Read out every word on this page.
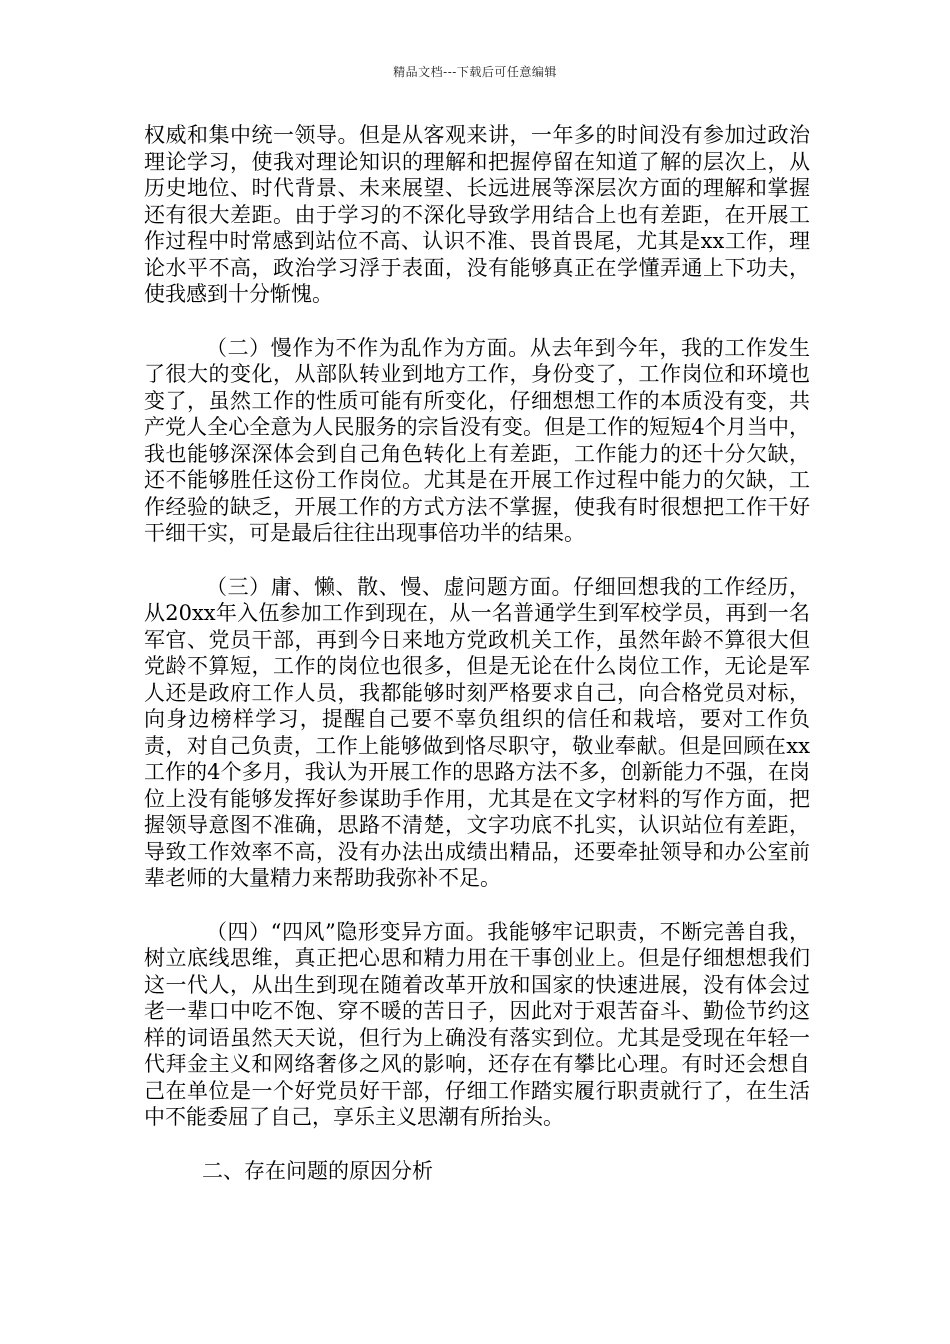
精品文档---下载后可任意编辑

权威和集中统一领导。但是从客观来讲，一年多的时间没有参加过政治理论学习，使我对理论知识的理解和把握停留在知道了解的层次上，从历史地位、时代背景、未来展望、长远进展等深层次方面的理解和掌握还有很大差距。由于学习的不深化导致学用结合上也有差距，在开展工作过程中时常感到站位不高、认识不准、畏首畏尾，尤其是xx工作，理论水平不高，政治学习浮于表面，没有能够真正在学懂弄通上下功夫，使我感到十分惭愧。

（二）慢作为不作为乱作为方面。从去年到今年，我的工作发生了很大的变化，从部队转业到地方工作，身份变了，工作岗位和环境也变了，虽然工作的性质可能有所变化，仔细想想工作的本质没有变，共产党人全心全意为人民服务的宗旨没有变。但是工作的短短4个月当中，我也能够深深体会到自己角色转化上有差距，工作能力的还十分欠缺，还不能够胜任这份工作岗位。尤其是在开展工作过程中能力的欠缺，工作经验的缺乏，开展工作的方式方法不掌握，使我有时很想把工作干好干细干实，可是最后往往出现事倍功半的结果。

（三）庸、懒、散、慢、虚问题方面。仔细回想我的工作经历，从20xx年入伍参加工作到现在，从一名普通学生到军校学员，再到一名军官、党员干部，再到今日来地方党政机关工作，虽然年龄不算很大但党龄不算短，工作的岗位也很多，但是无论在什么岗位工作，无论是军人还是政府工作人员，我都能够时刻严格要求自己，向合格党员对标，向身边榜样学习，提醒自己要不辜负组织的信任和栽培，要对工作负责，对自己负责，工作上能够做到恪尽职守，敬业奉献。但是回顾在xx工作的4个多月，我认为开展工作的思路方法不多，创新能力不强，在岗位上没有能够发挥好参谋助手作用，尤其是在文字材料的写作方面，把握领导意图不准确，思路不清楚，文字功底不扎实，认识站位有差距，导致工作效率不高，没有办法出成绩出精品，还要牵扯领导和办公室前辈老师的大量精力来帮助我弥补不足。

（四）“四风”隐形变异方面。我能够牢记职责，不断完善自我，树立底线思维，真正把心思和精力用在干事创业上。但是仔细想想我们这一代人，从出生到现在随着改革开放和国家的快速进展，没有体会过老一辈口中吃不饱、穿不暖的苦日子，因此对于艰苦奋斗、勤俭节约这样的词语虽然天天说，但行为上确没有落实到位。尤其是受现在年轻一代拜金主义和网络奢侈之风的影响，还存在有攀比心理。有时还会想自己在单位是一个好党员好干部，仔细工作踏实履行职责就行了，在生活中不能委屈了自己，享乐主义思潮有所抬头。

二、存在问题的原因分析
